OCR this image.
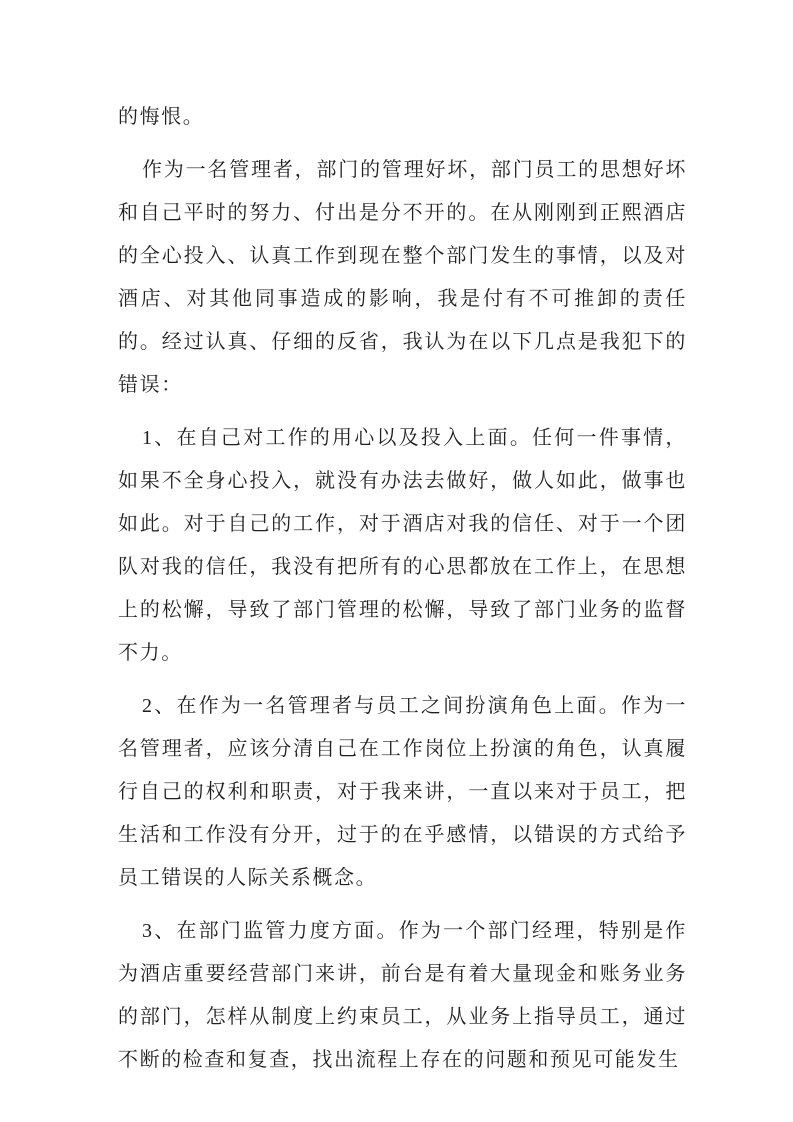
的悔恨。

作为一名管理者，部门的管理好坏，部门员工的思想好坏和自己平时的努力、付出是分不开的。在从刚刚到正熙酒店的全心投入、认真工作到现在整个部门发生的事情，以及对酒店、对其他同事造成的影响，我是付有不可推卸的责任的。经过认真、仔细的反省，我认为在以下几点是我犯下的错误：

1、在自己对工作的用心以及投入上面。任何一件事情，如果不全身心投入，就没有办法去做好，做人如此，做事也如此。对于自己的工作，对于酒店对我的信任、对于一个团队对我的信任，我没有把所有的心思都放在工作上，在思想上的松懈，导致了部门管理的松懈，导致了部门业务的监督不力。

2、在作为一名管理者与员工之间扮演角色上面。作为一名管理者，应该分清自己在工作岗位上扮演的角色，认真履行自己的权利和职责，对于我来讲，一直以来对于员工，把生活和工作没有分开，过于的在乎感情，以错误的方式给予员工错误的人际关系概念。

3、在部门监管力度方面。作为一个部门经理，特别是作为酒店重要经营部门来讲，前台是有着大量现金和账务业务的部门，怎样从制度上约束员工，从业务上指导员工，通过不断的检查和复查，找出流程上存在的问题和预见可能发生
